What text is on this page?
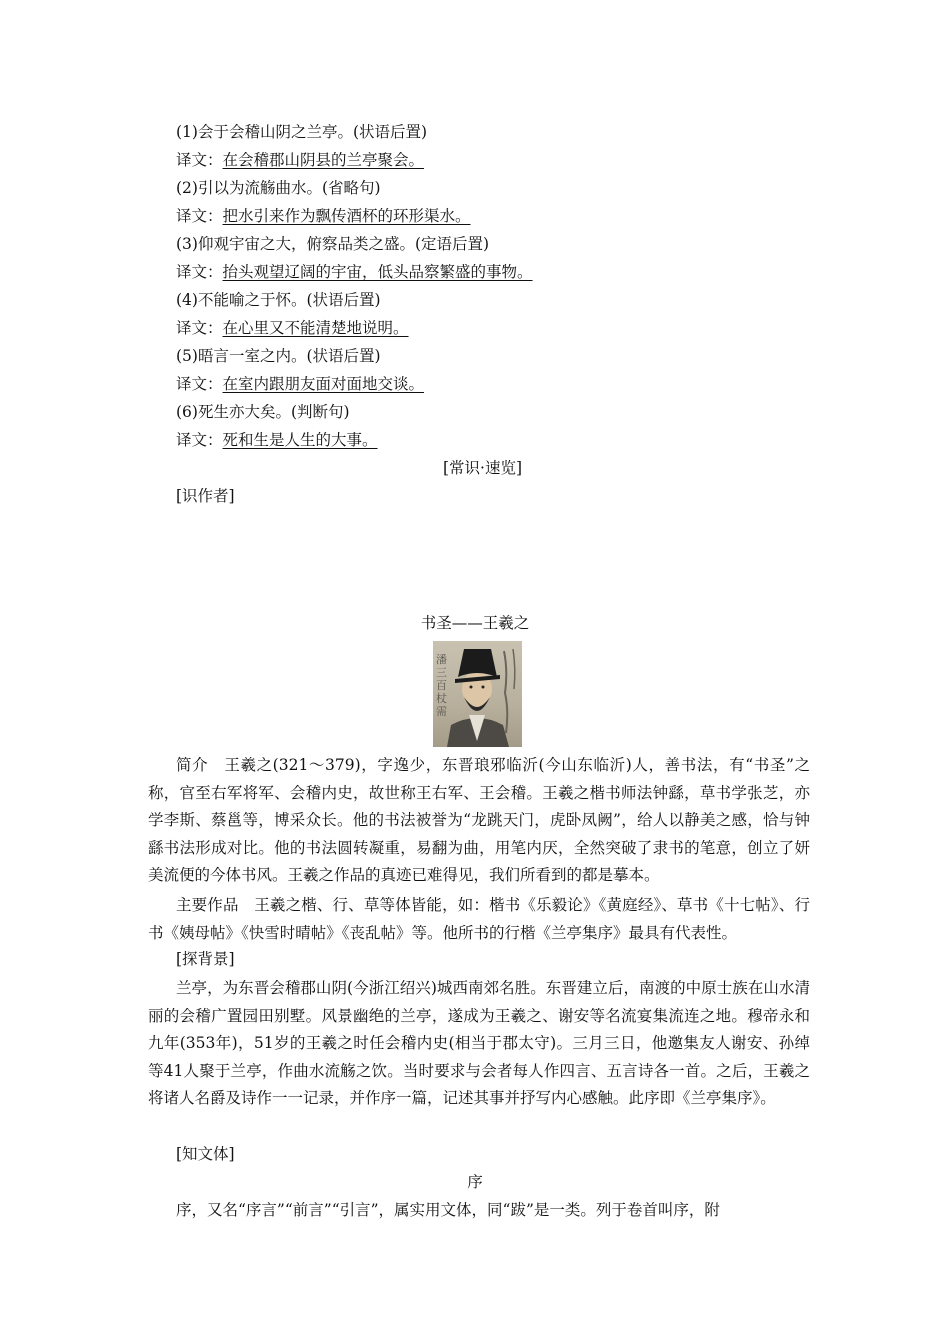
(1)会于会稽山阴之兰亭。(状语后置)
译文：在会稽郡山阴县的兰亭聚会。
(2)引以为流觞曲水。(省略句)
译文：把水引来作为飘传酒杯的环形渠水。
(3)仰观宇宙之大，俯察品类之盛。(定语后置)
译文：抬头观望辽阔的宇宙，低头品察繁盛的事物。
(4)不能喻之于怀。(状语后置)
译文：在心里又不能清楚地说明。
(5)晤言一室之内。(状语后置)
译文：在室内跟朋友面对面地交谈。
(6)死生亦大矣。(判断句)
译文：死和生是人生的大事。
[常识·速览]
[识作者]
书圣——王羲之
潘三百杖需
简介　王羲之(321～379)，字逸少，东晋琅邪临沂(今山东临沂)人，善书法，有“书圣”之称，官至右军将军、会稽内史，故世称王右军、王会稽。王羲之楷书师法钟繇，草书学张芝，亦学李斯、蔡邕等，博采众长。他的书法被誉为“龙跳天门，虎卧凤阙”，给人以静美之感，恰与钟繇书法形成对比。他的书法圆转凝重，易翻为曲，用笔内厌，全然突破了隶书的笔意，创立了妍美流便的今体书风。王羲之作品的真迹已难得见，我们所看到的都是摹本。
主要作品　王羲之楷、行、草等体皆能，如：楷书《乐毅论》《黄庭经》、草书《十七帖》、行书《姨母帖》《快雪时晴帖》《丧乱帖》等。他所书的行楷《兰亭集序》最具有代表性。
[探背景]
兰亭，为东晋会稽郡山阴(今浙江绍兴)城西南郊名胜。东晋建立后，南渡的中原士族在山水清丽的会稽广置园田别墅。风景幽绝的兰亭，遂成为王羲之、谢安等名流宴集流连之地。穆帝永和九年(353年)，51岁的王羲之时任会稽内史(相当于郡太守)。三月三日，他邀集友人谢安、孙绰等41人聚于兰亭，作曲水流觞之饮。当时要求与会者每人作四言、五言诗各一首。之后，王羲之将诸人名爵及诗作一一记录，并作序一篇，记述其事并抒写内心感触。此序即《兰亭集序》。
[知文体]
序
序，又名“序言”“前言”“引言”，属实用文体，同“跋”是一类。列于卷首叫序，附
